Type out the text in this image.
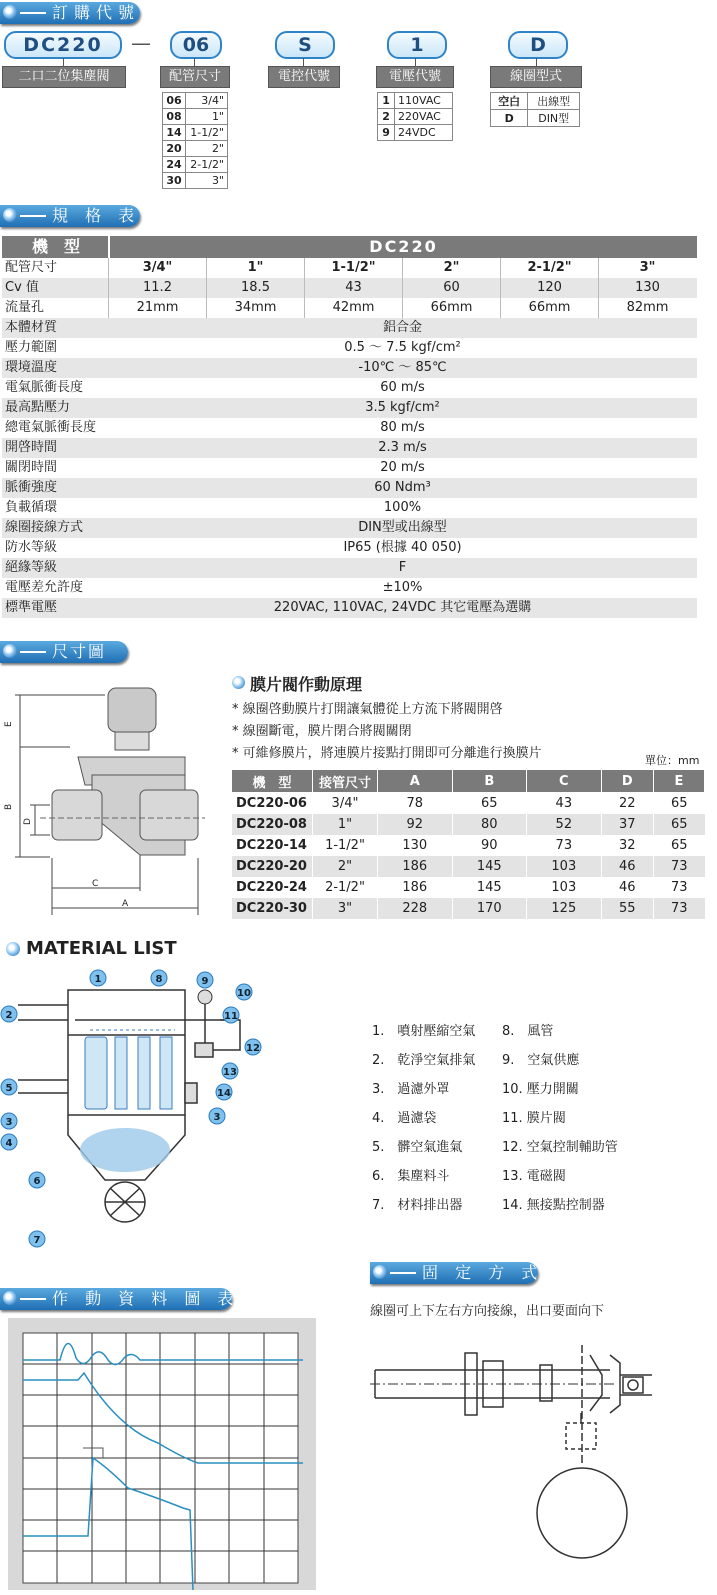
訂購代號
DC220	—	06	S	1	D
二口二位集塵閥	配管尺寸	電控代號	電壓代號	線圈型式
06	3/4"
08	1"
14	1-1/2"
20	2"
24	2-1/2"
30	3"
1	110VAC
2	220VAC
9	24VDC
空白	出線型
D	DIN型
規 格 表
機　型	DC220
配管尺寸	3/4"	1"	1-1/2"	2"	2-1/2"	3"
Cv 值	11.2	18.5	43	60	120	130
流量孔	21mm	34mm	42mm	66mm	66mm	82mm
本體材質	鋁合金
壓力範圍	0.5 ～ 7.5 kgf/cm²
環境溫度	-10℃ ～ 85℃
電氣脈衝長度	60 m/s
最高點壓力	3.5 kgf/cm²
總電氣脈衝長度	80 m/s
開啓時間	2.3 m/s
關閉時間	20 m/s
脈衝強度	60 Ndm³
負載循環	100%
線圈接線方式	DIN型或出線型
防水等級	IP65 (根據 40 050)
絕緣等級	F
電壓差允許度	±10%
標準電壓	220VAC, 110VAC, 24VDC 其它電壓為選購
尺寸圖
E
B
D
C
A
膜片閥作動原理
* 線圈啓動膜片打開讓氣體從上方流下將閥開啓
* 線圈斷電，膜片閉合將閥關閉
* 可維修膜片，將連膜片接點打開即可分離進行換膜片	單位：mm
機　型	接管尺寸	A	B	C	D	E
DC220-06	3/4"	78	65	43	22	65
DC220-08	1"	92	80	52	37	65
DC220-14	1-1/2"	130	90	73	32	65
DC220-20	2"	186	145	103	46	73
DC220-24	2-1/2"	186	145	103	46	73
DC220-30	3"	228	170	125	55	73
MATERIAL LIST
1	8	9
10
2	11
12
5
13
14
3	3
4
6
7
1.　噴射壓縮空氣
2.　乾淨空氣排氣
3.　過濾外罩
4.　過濾袋
5.　髒空氣進氣
6.　集塵料斗
7.　材料排出器
8.　風管
9.　空氣供應
10. 壓力開關
11. 膜片閥
12. 空氣控制輔助管
13. 電磁閥
14. 無接點控制器
作 動 資 料 圖 表
固 定 方 式
線圈可上下左右方向接線，出口要面向下
